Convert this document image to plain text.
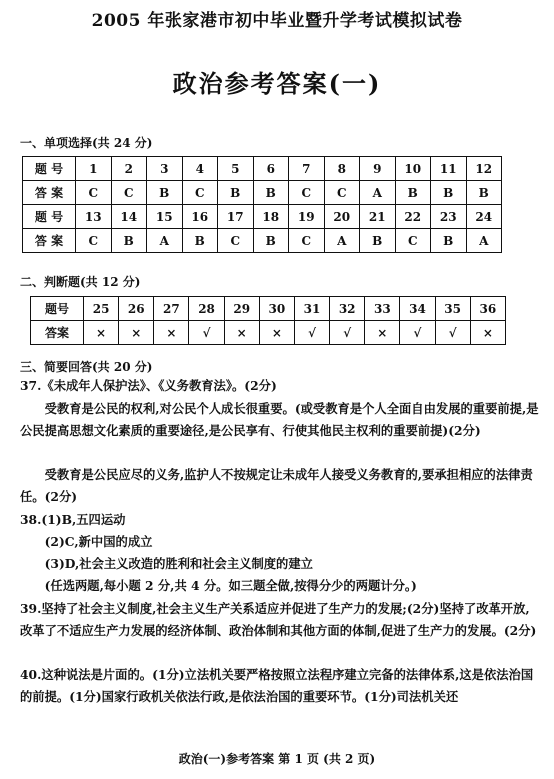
2005 年张家港市初中毕业暨升学考试模拟试卷
政治参考答案(一)
一、单项选择(共 24 分)
题 号	1	2	3	4	5	6	7	8	9	10	11	12
答 案	C	C	B	C	B	B	C	C	A	B	B	B
题 号	13	14	15	16	17	18	19	20	21	22	23	24
答 案	C	B	A	B	C	B	C	A	B	C	B	A
二、判断题(共 12 分)
题号	25	26	27	28	29	30	31	32	33	34	35	36
答案	×	×	×	√	×	×	√	√	×	√	√	×
三、简要回答(共 20 分)
37.《未成年人保护法》、《义务教育法》。(2分)
受教育是公民的权利,对公民个人成长很重要。(或受教育是个人全面自由发展的重要前提,是公民提高思想文化素质的重要途径,是公民享有、行使其他民主权利的重要前提)(2分)
受教育是公民应尽的义务,监护人不按规定让未成年人接受义务教育的,要承担相应的法律责任。(2分)
38.(1)B,五四运动
(2)C,新中国的成立
(3)D,社会主义改造的胜利和社会主义制度的建立
(任选两题,每小题 2 分,共 4 分。如三题全做,按得分少的两题计分。)
39.坚持了社会主义制度,社会主义生产关系适应并促进了生产力的发展;(2分)坚持了改革开放,改革了不适应生产力发展的经济体制、政治体制和其他方面的体制,促进了生产力的发展。(2分)
40.这种说法是片面的。(1分)立法机关要严格按照立法程序建立完备的法律体系,这是依法治国的前提。(1分)国家行政机关依法行政,是依法治国的重要环节。(1分)司法机关还
政治(一)参考答案 第 1 页 (共 2 页)
